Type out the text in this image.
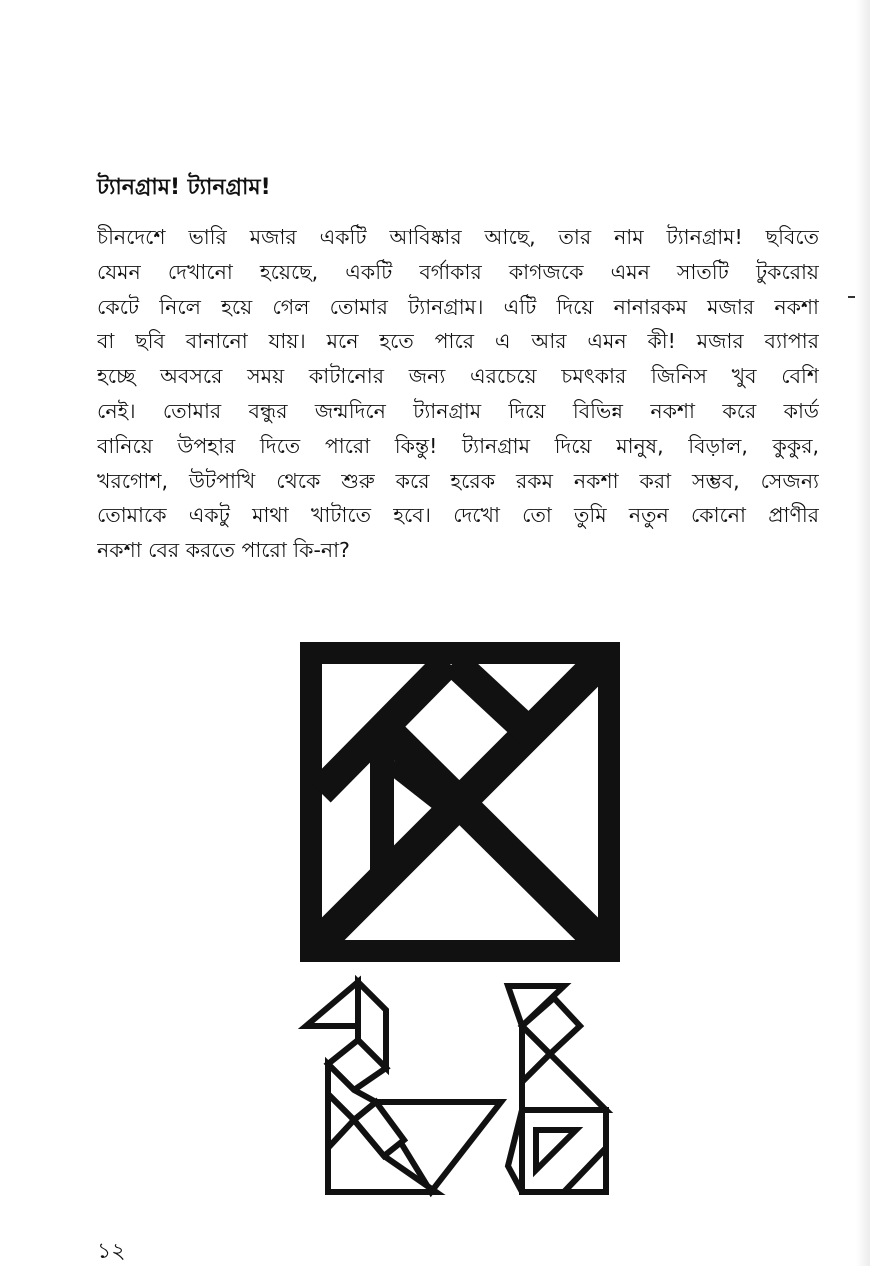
ট্যানগ্রাম! ট্যানগ্রাম!
চীনদেশে ভারি মজার একটি আবিষ্কার আছে, তার নাম ট্যানগ্রাম! ছবিতে
যেমন দেখানো হয়েছে, একটি বর্গাকার কাগজকে এমন সাতটি টুকরোয়
কেটে নিলে হয়ে গেল তোমার ট্যানগ্রাম। এটি দিয়ে নানারকম মজার নকশা
বা ছবি বানানো যায়। মনে হতে পারে এ আর এমন কী! মজার ব্যাপার
হচ্ছে অবসরে সময় কাটানোর জন্য এরচেয়ে চমৎকার জিনিস খুব বেশি
নেই। তোমার বন্ধুর জন্মদিনে ট্যানগ্রাম দিয়ে বিভিন্ন নকশা করে কার্ড
বানিয়ে উপহার দিতে পারো কিন্তু! ট্যানগ্রাম দিয়ে মানুষ, বিড়াল, কুকুর,
খরগোশ, উটপাখি থেকে শুরু করে হরেক রকম নকশা করা সম্ভব, সেজন্য
তোমাকে একটু মাথা খাটাতে হবে। দেখো তো তুমি নতুন কোনো প্রাণীর
নকশা বের করতে পারো কি-না?

১২
